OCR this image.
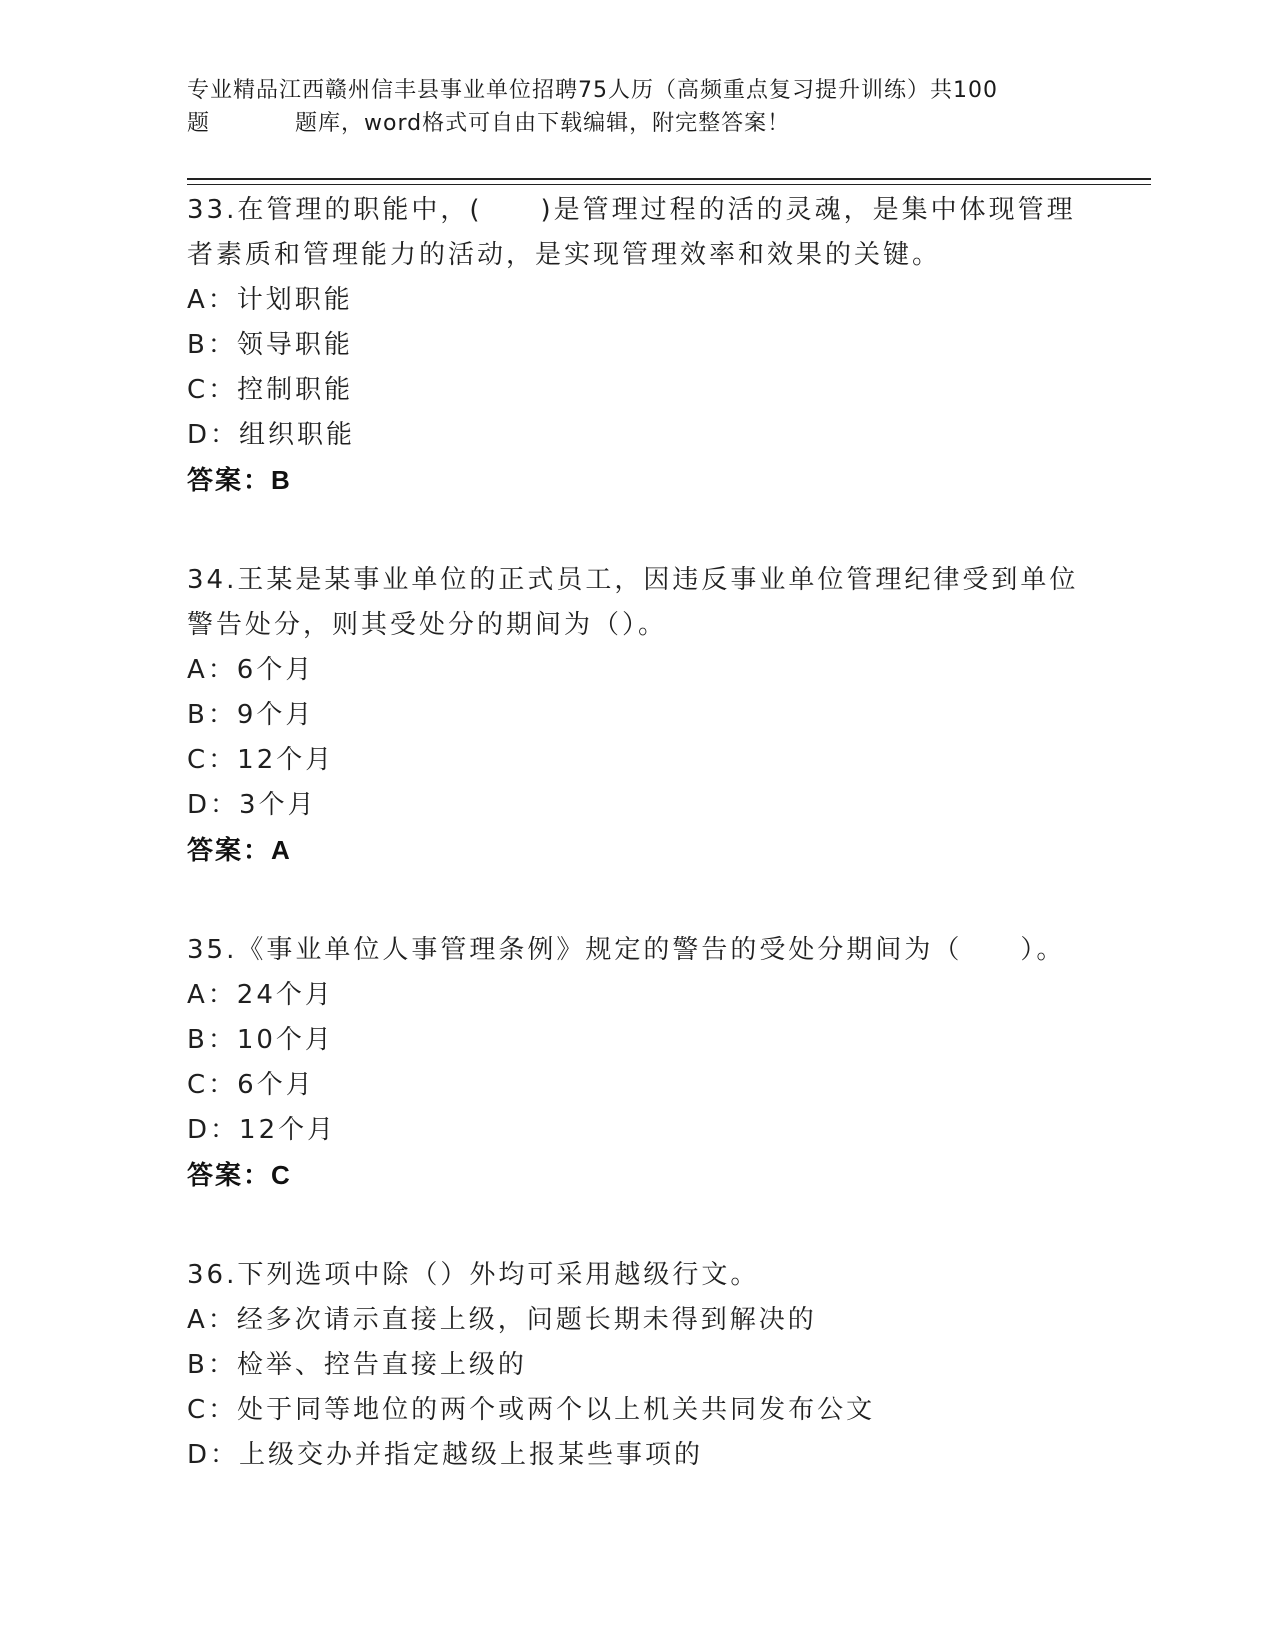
专业精品江西赣州信丰县事业单位招聘75人历（高频重点复习提升训练）共100
题	题库，word格式可自由下载编辑，附完整答案！

33.在管理的职能中，(　　)是管理过程的活的灵魂，是集中体现管理

者素质和管理能力的活动，是实现管理效率和效果的关键。

A：计划职能

B：领导职能

C：控制职能

D：组织职能

答案：B

34.王某是某事业单位的正式员工，因违反事业单位管理纪律受到单位

警告处分，则其受处分的期间为（）。

A：6个月

B：9个月

C：12个月

D：3个月

答案：A

35.《事业单位人事管理条例》规定的警告的受处分期间为（　　）。

A：24个月

B：10个月

C：6个月

D：12个月

答案：C

36.下列选项中除（）外均可采用越级行文。

A：经多次请示直接上级，问题长期未得到解决的

B：检举、控告直接上级的

C：处于同等地位的两个或两个以上机关共同发布公文

D：上级交办并指定越级上报某些事项的
